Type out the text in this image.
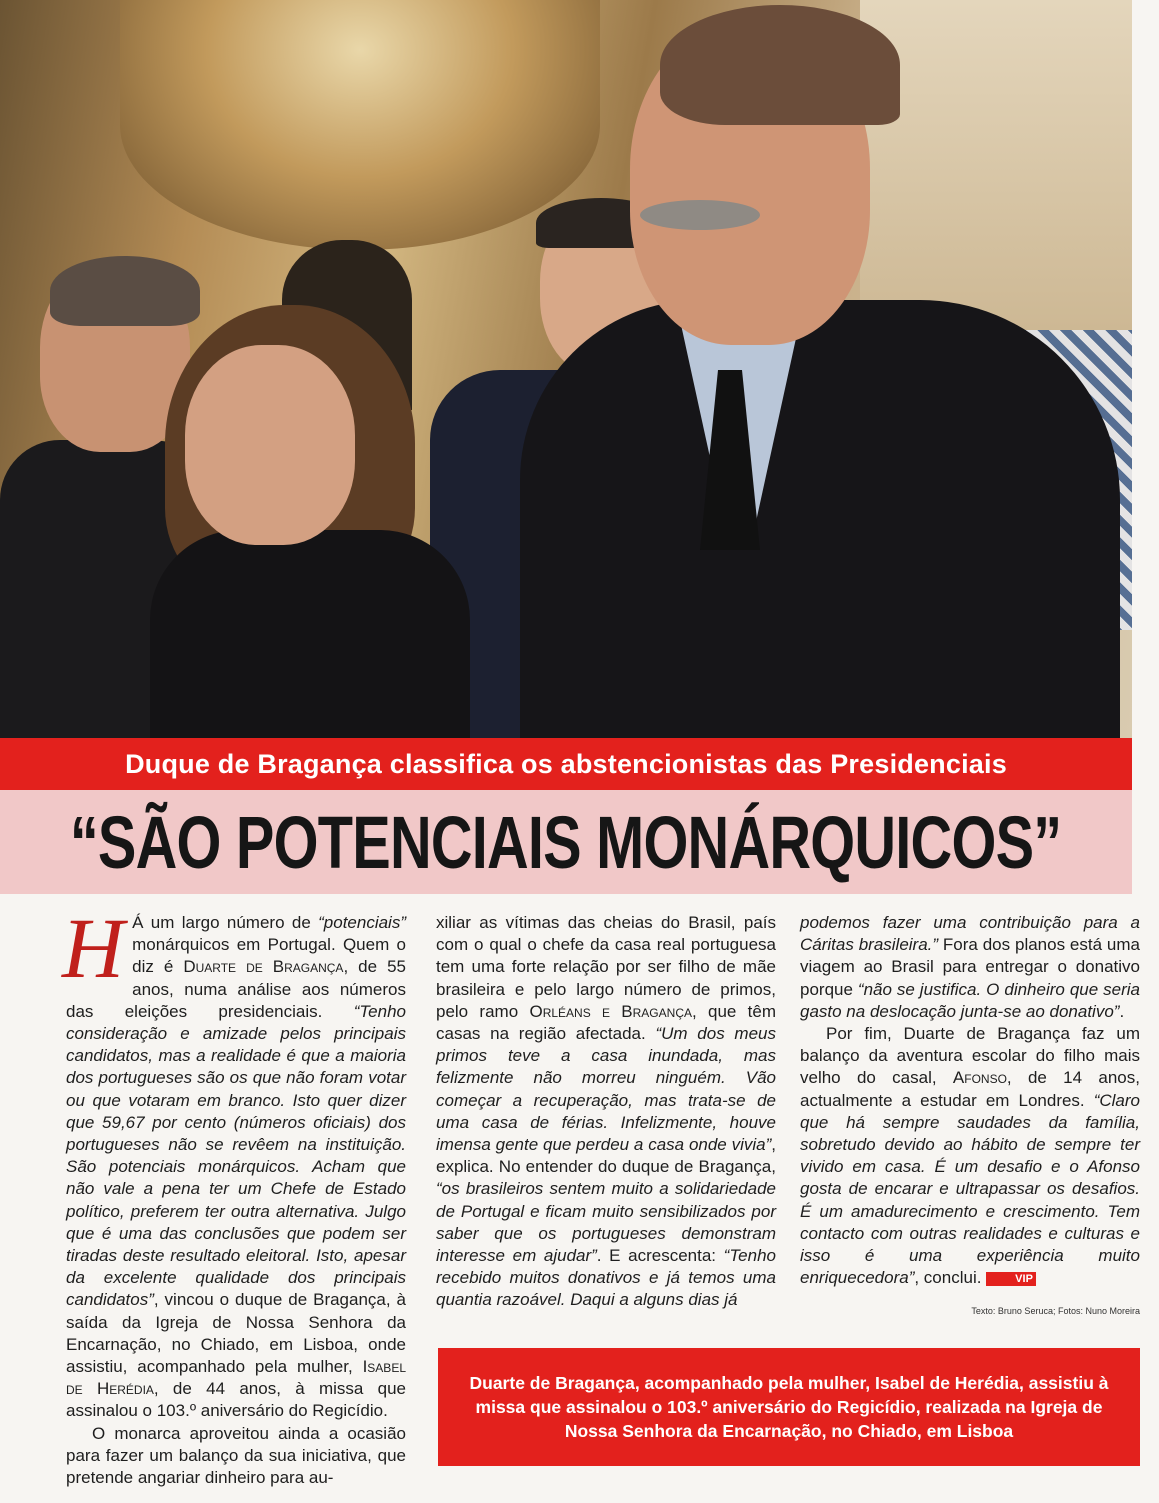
Duque de Bragança classifica os abstencionistas das Presidenciais
“SÃO POTENCIAIS MONÁRQUICOS”

H Á um largo número de “potenciais” monárquicos em Portugal. Quem o diz é Duarte de Bragança, de 55 anos, numa análise aos números das eleições presidenciais. “Tenho consideração e amizade pelos principais candidatos, mas a realidade é que a maioria dos portugueses são os que não foram votar ou que votaram em branco. Isto quer dizer que 59,67 por cento (números oficiais) dos portugueses não se revêem na instituição. São potenciais monárquicos. Acham que não vale a pena ter um Chefe de Estado político, preferem ter outra alternativa. Julgo que é uma das conclusões que podem ser tiradas deste resultado eleitoral. Isto, apesar da excelente qualidade dos principais candidatos”, vincou o duque de Bragança, à saída da Igreja de Nossa Senhora da Encarnação, no Chiado, em Lisboa, onde assistiu, acompanhado pela mulher, Isabel de Herédia, de 44 anos, à missa que assinalou o 103.º aniversário do Regicídio.

O monarca aproveitou ainda a ocasião para fazer um balanço da sua iniciativa, que pretende angariar dinheiro para au-

xiliar as vítimas das cheias do Brasil, país com o qual o chefe da casa real portuguesa tem uma forte relação por ser filho de mãe brasileira e pelo largo número de primos, pelo ramo Orléans e Bragança, que têm casas na região afectada. “Um dos meus primos teve a casa inundada, mas felizmente não morreu ninguém. Vão começar a recuperação, mas trata-se de uma casa de férias. Infelizmente, houve imensa gente que perdeu a casa onde vivia”, explica. No entender do duque de Bragança, “os brasileiros sentem muito a solidariedade de Portugal e ficam muito sensibilizados por saber que os portugueses demonstram interesse em ajudar”. E acrescenta: “Tenho recebido muitos donativos e já temos uma quantia razoável. Daqui a alguns dias já

podemos fazer uma contribuição para a Cáritas brasileira.” Fora dos planos está uma viagem ao Brasil para entregar o donativo porque “não se justifica. O dinheiro que seria gasto na deslocação junta-se ao donativo”.

Por fim, Duarte de Bragança faz um balanço da aventura escolar do filho mais velho do casal, Afonso, de 14 anos, actualmente a estudar em Londres. “Claro que há sempre saudades da família, sobretudo devido ao hábito de sempre ter vivido em casa. É um desafio e o Afonso gosta de encarar e ultrapassar os desafios. É um amadurecimento e crescimento. Tem contacto com outras realidades e culturas e isso é uma experiência muito enriquecedora”, conclui.	VIP

Texto: Bruno Seruca; Fotos: Nuno Moreira
Duarte de Bragança, acompanhado pela mulher, Isabel de Herédia, assistiu à missa que assinalou o 103.º aniversário do Regicídio, realizada na Igreja de Nossa Senhora da Encarnação, no Chiado, em Lisboa
